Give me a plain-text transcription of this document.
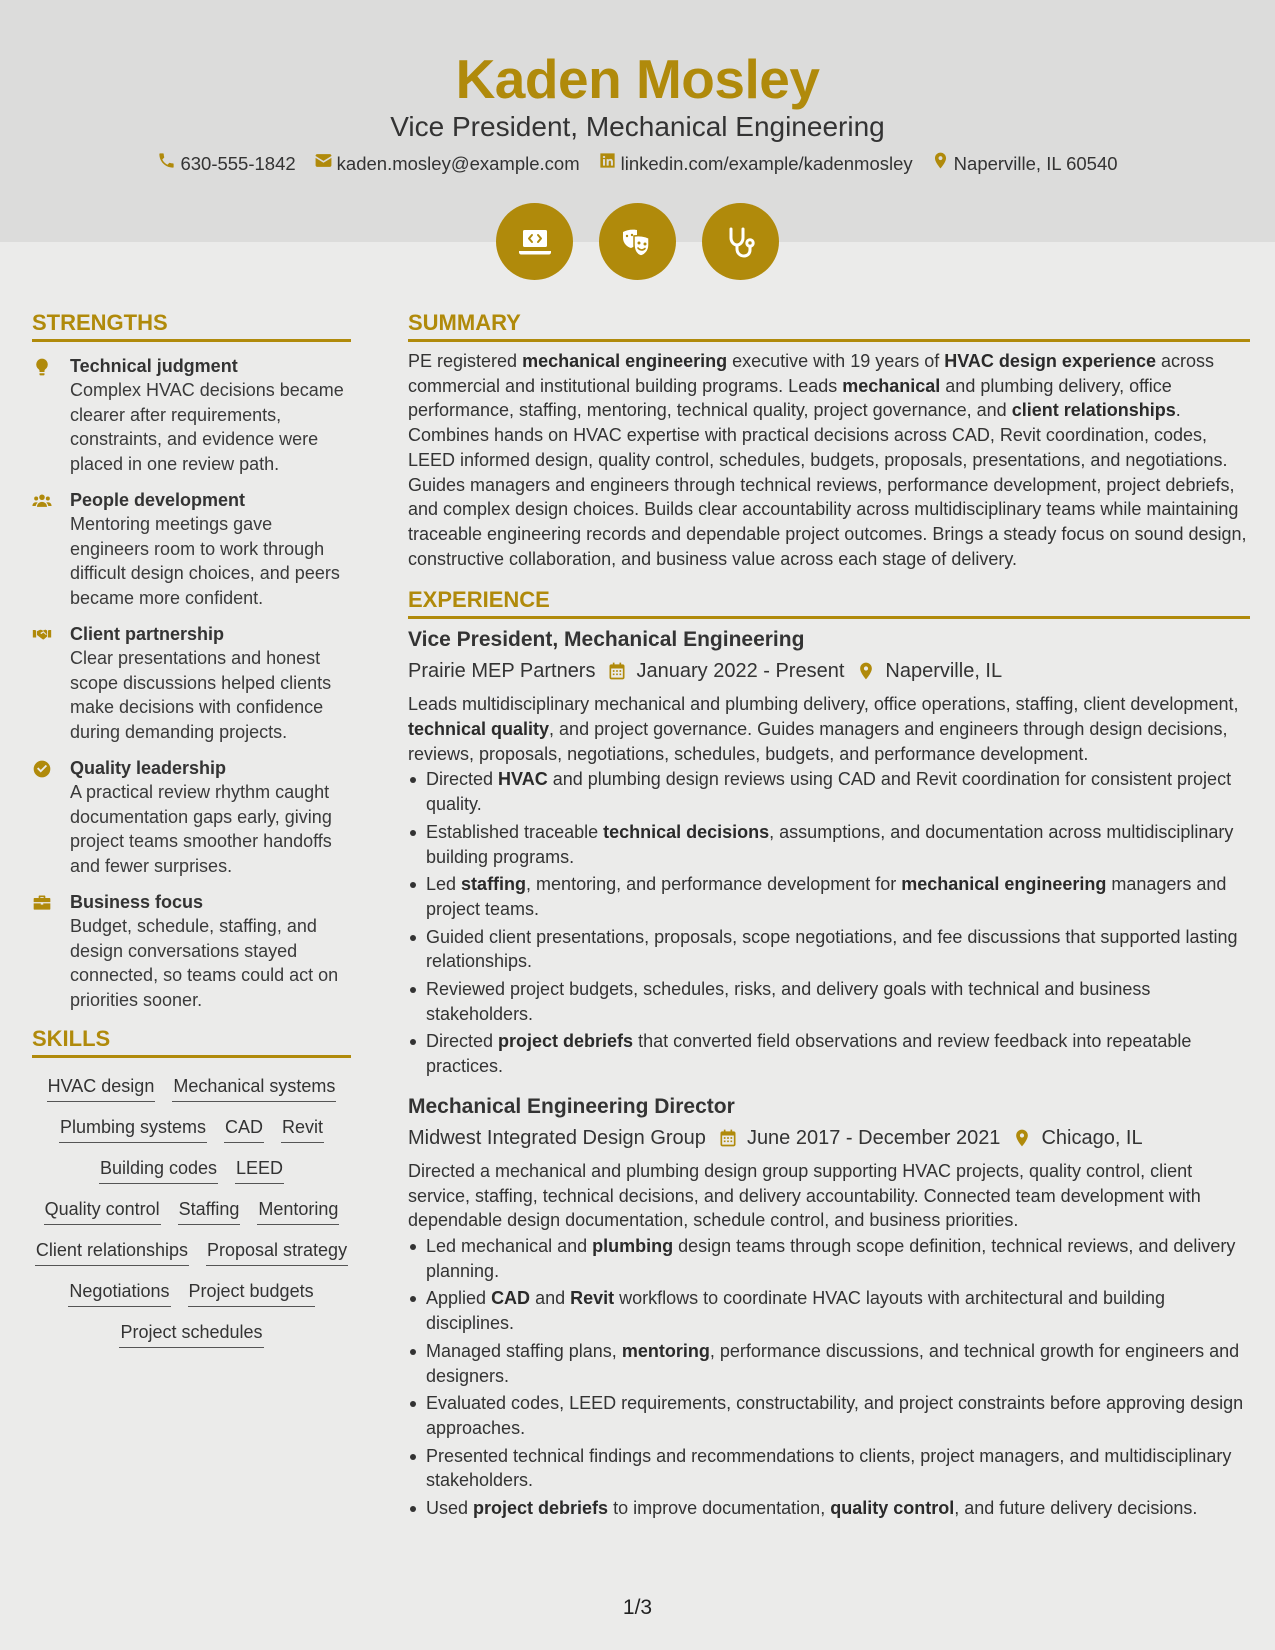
Kaden Mosley
Vice President, Mechanical Engineering
630-555-1842 kaden.mosley@example.com linkedin.com/example/kadenmosley Naperville, IL 60540
STRENGTHS
Technical judgment
Complex HVAC decisions became clearer after requirements, constraints, and evidence were placed in one review path.
People development
Mentoring meetings gave engineers room to work through difficult design choices, and peers became more confident.
Client partnership
Clear presentations and honest scope discussions helped clients make decisions with confidence during demanding projects.
Quality leadership
A practical review rhythm caught documentation gaps early, giving project teams smoother handoffs and fewer surprises.
Business focus
Budget, schedule, staffing, and design conversations stayed connected, so teams could act on priorities sooner.
SKILLS
HVAC design Mechanical systems
Plumbing systems CAD Revit
Building codes LEED
Quality control Staffing Mentoring
Client relationships Proposal strategy
Negotiations Project budgets
Project schedules
SUMMARY

PE registered mechanical engineering executive with 19 years of HVAC design experience across commercial and institutional building programs. Leads mechanical and plumbing delivery, office performance, staffing, mentoring, technical quality, project governance, and client relationships. Combines hands on HVAC expertise with practical decisions across CAD, Revit coordination, codes, LEED informed design, quality control, schedules, budgets, proposals, presentations, and negotiations. Guides managers and engineers through technical reviews, performance development, project debriefs, and complex design choices. Builds clear accountability across multidisciplinary teams while maintaining traceable engineering records and dependable project outcomes. Brings a steady focus on sound design, constructive collaboration, and business value across each stage of delivery.

EXPERIENCE
Vice President, Mechanical Engineering
Prairie MEP Partners January 2022 - Present Naperville, IL

Leads multidisciplinary mechanical and plumbing delivery, office operations, staffing, client development, technical quality, and project governance. Guides managers and engineers through design decisions, reviews, proposals, negotiations, schedules, budgets, and performance development.

Directed HVAC and plumbing design reviews using CAD and Revit coordination for consistent project quality.
Established traceable technical decisions, assumptions, and documentation across multidisciplinary building programs.
Led staffing, mentoring, and performance development for mechanical engineering managers and project teams.
Guided client presentations, proposals, scope negotiations, and fee discussions that supported lasting relationships.
Reviewed project budgets, schedules, risks, and delivery goals with technical and business stakeholders.
Directed project debriefs that converted field observations and review feedback into repeatable practices.
Mechanical Engineering Director
Midwest Integrated Design Group June 2017 - December 2021 Chicago, IL

Directed a mechanical and plumbing design group supporting HVAC projects, quality control, client service, staffing, technical decisions, and delivery accountability. Connected team development with dependable design documentation, schedule control, and business priorities.

Led mechanical and plumbing design teams through scope definition, technical reviews, and delivery planning.
Applied CAD and Revit workflows to coordinate HVAC layouts with architectural and building disciplines.
Managed staffing plans, mentoring, performance discussions, and technical growth for engineers and designers.
Evaluated codes, LEED requirements, constructability, and project constraints before approving design approaches.
Presented technical findings and recommendations to clients, project managers, and multidisciplinary stakeholders.
Used project debriefs to improve documentation, quality control, and future delivery decisions.
1/3
